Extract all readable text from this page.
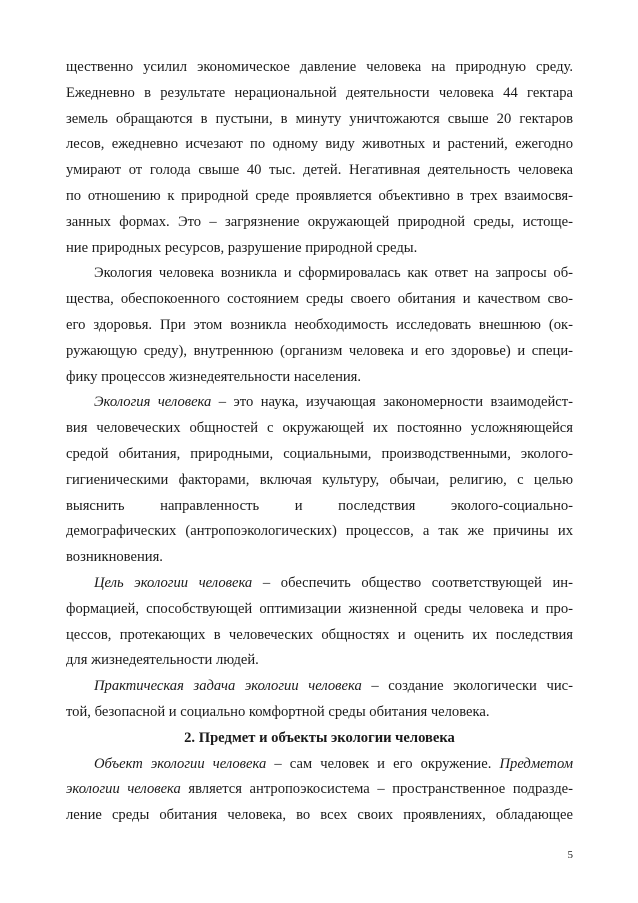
щественно усилил экономическое давление человека на природную среду.
Ежедневно в результате нерациональной деятельности человека 44 гектара
земель обращаются в пустыни, в минуту уничтожаются свыше 20 гектаров
лесов, ежедневно исчезают по одному виду животных и растений, ежегодно
умирают от голода свыше 40 тыс. детей. Негативная деятельность человека
по отношению к природной среде проявляется объективно в трех взаимосвя-
занных формах. Это – загрязнение окружающей природной среды, истоще-
ние природных ресурсов, разрушение природной среды.
Экология человека возникла и сформировалась как ответ на запросы об-
щества, обеспокоенного состоянием среды своего обитания и качеством сво-
его здоровья. При этом возникла необходимость исследовать внешнюю (ок-
ружающую среду), внутреннюю (организм человека и его здоровье) и специ-
фику процессов жизнедеятельности населения.
Экология человека – это наука, изучающая закономерности взаимодейст-
вия человеческих общностей с окружающей их постоянно усложняющейся
средой обитания, природными, социальными, производственными, эколого-
гигиеническими факторами, включая культуру, обычаи, религию, с целью
выяснить направленность и последствия эколого-социально-
демографических (антропоэкологических) процессов, а так же причины их
возникновения.
Цель экологии человека – обеспечить общество соответствующей ин-
формацией, способствующей оптимизации жизненной среды человека и про-
цессов, протекающих в человеческих общностях и оценить их последствия
для жизнедеятельности людей.
Практическая задача экологии человека – создание экологически чис-
той, безопасной и социально комфортной среды обитания человека.
2. Предмет и объекты экологии человека
Объект экологии человека – сам человек и его окружение. Предметом
экологии человека является антропоэкосистема – пространственное подразде-
ление среды обитания человека, во всех своих проявлениях, обладающее
5
